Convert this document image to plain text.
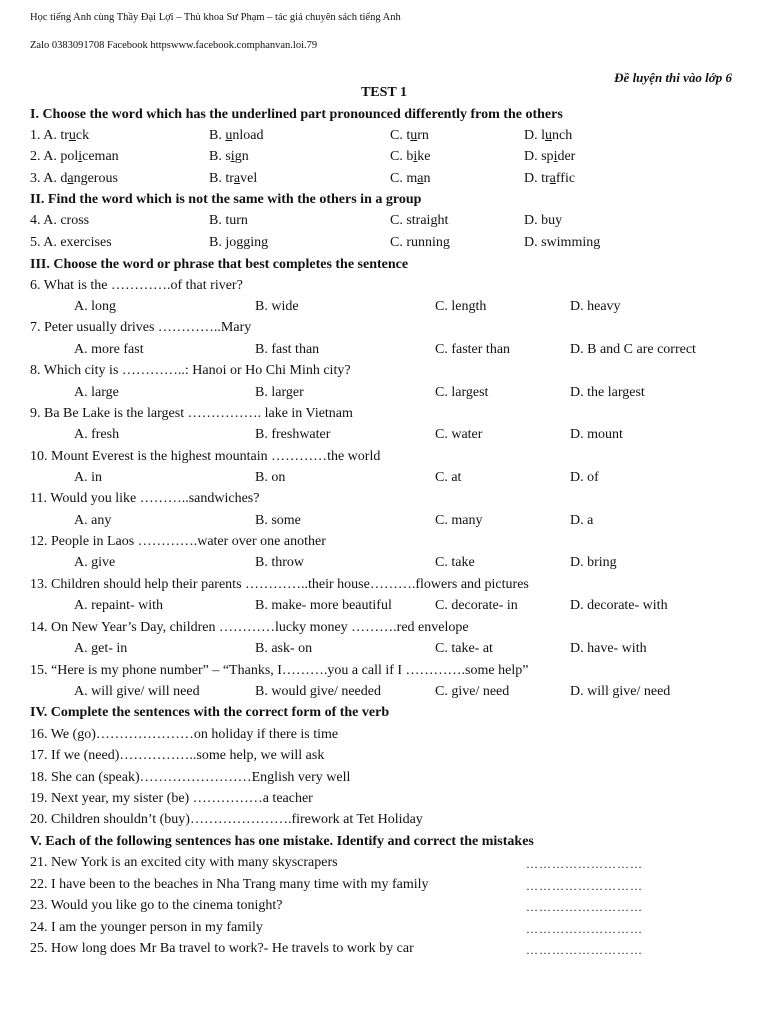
Học tiếng Anh cùng Thầy Đại Lợi – Thủ khoa Sư Phạm – tác giả chuyên sách tiếng Anh
Zalo 0383091708 Facebook httpswww.facebook.comphanvan.loi.79
Đề luyện thi vào lớp 6
TEST 1
I. Choose the word which has the underlined part pronounced differently from the others
1. A. truck	B. unload	C. turn	D. lunch
2. A. policeman	B. sign	C. bike	D. spider
3. A. dangerous	B. travel	C. man	D. traffic
II. Find the word which is not the same with the others in a group
4. A. cross	B. turn	C. straight	D. buy
5. A. exercises	B. jogging	C. running	D. swimming
III. Choose the word or phrase that best completes the sentence
6. What is the ………….of that river?
A. long	B. wide	C. length	D. heavy
7. Peter usually drives …………..Mary
A. more fast	B. fast than	C. faster than	D. B and C are correct
8. Which city is …………..: Hanoi or Ho Chi Minh city?
A. large	B. larger	C. largest	D. the largest
9. Ba Be Lake is the largest ……………. lake in Vietnam
A. fresh	B. freshwater	C. water	D. mount
10. Mount Everest is the highest mountain …………the world
A. in	B. on	C. at	D. of
11. Would you like ………..sandwiches?
A. any	B. some	C. many	D. a
12. People in Laos ………….water over one another
A. give	B. throw	C. take	D. bring
13. Children should help their parents …………..their house……….flowers and pictures
A. repaint- with	B. make- more beautiful	C. decorate- in	D. decorate- with
14. On New Year’s Day, children …………lucky money ……….red envelope
A. get- in	B. ask- on	C. take- at	D. have- with
15. “Here is my phone number” – “Thanks, I……….you a call if I ………….some help”
A. will give/ will need	B. would give/ needed	C. give/ need	D. will give/ need
IV. Complete the sentences with the correct form of the verb
16. We (go)…………………on holiday if there is time
17. If we (need)……………..some help, we will ask
18. She can (speak)……………………English very well
19. Next year, my sister (be) ……………a teacher
20. Children shouldn’t (buy)………………….firework at Tet Holiday
V. Each of the following sentences has one mistake. Identify and correct the mistakes
21. New York is an excited city with many skyscrapers	………………………
22. I have been to the beaches in Nha Trang many time with my family	………………………
23. Would you like go to the cinema tonight?	………………………
24. I am the younger person in my family	………………………
25. How long does Mr Ba travel to work?- He travels to work by car	………………………
